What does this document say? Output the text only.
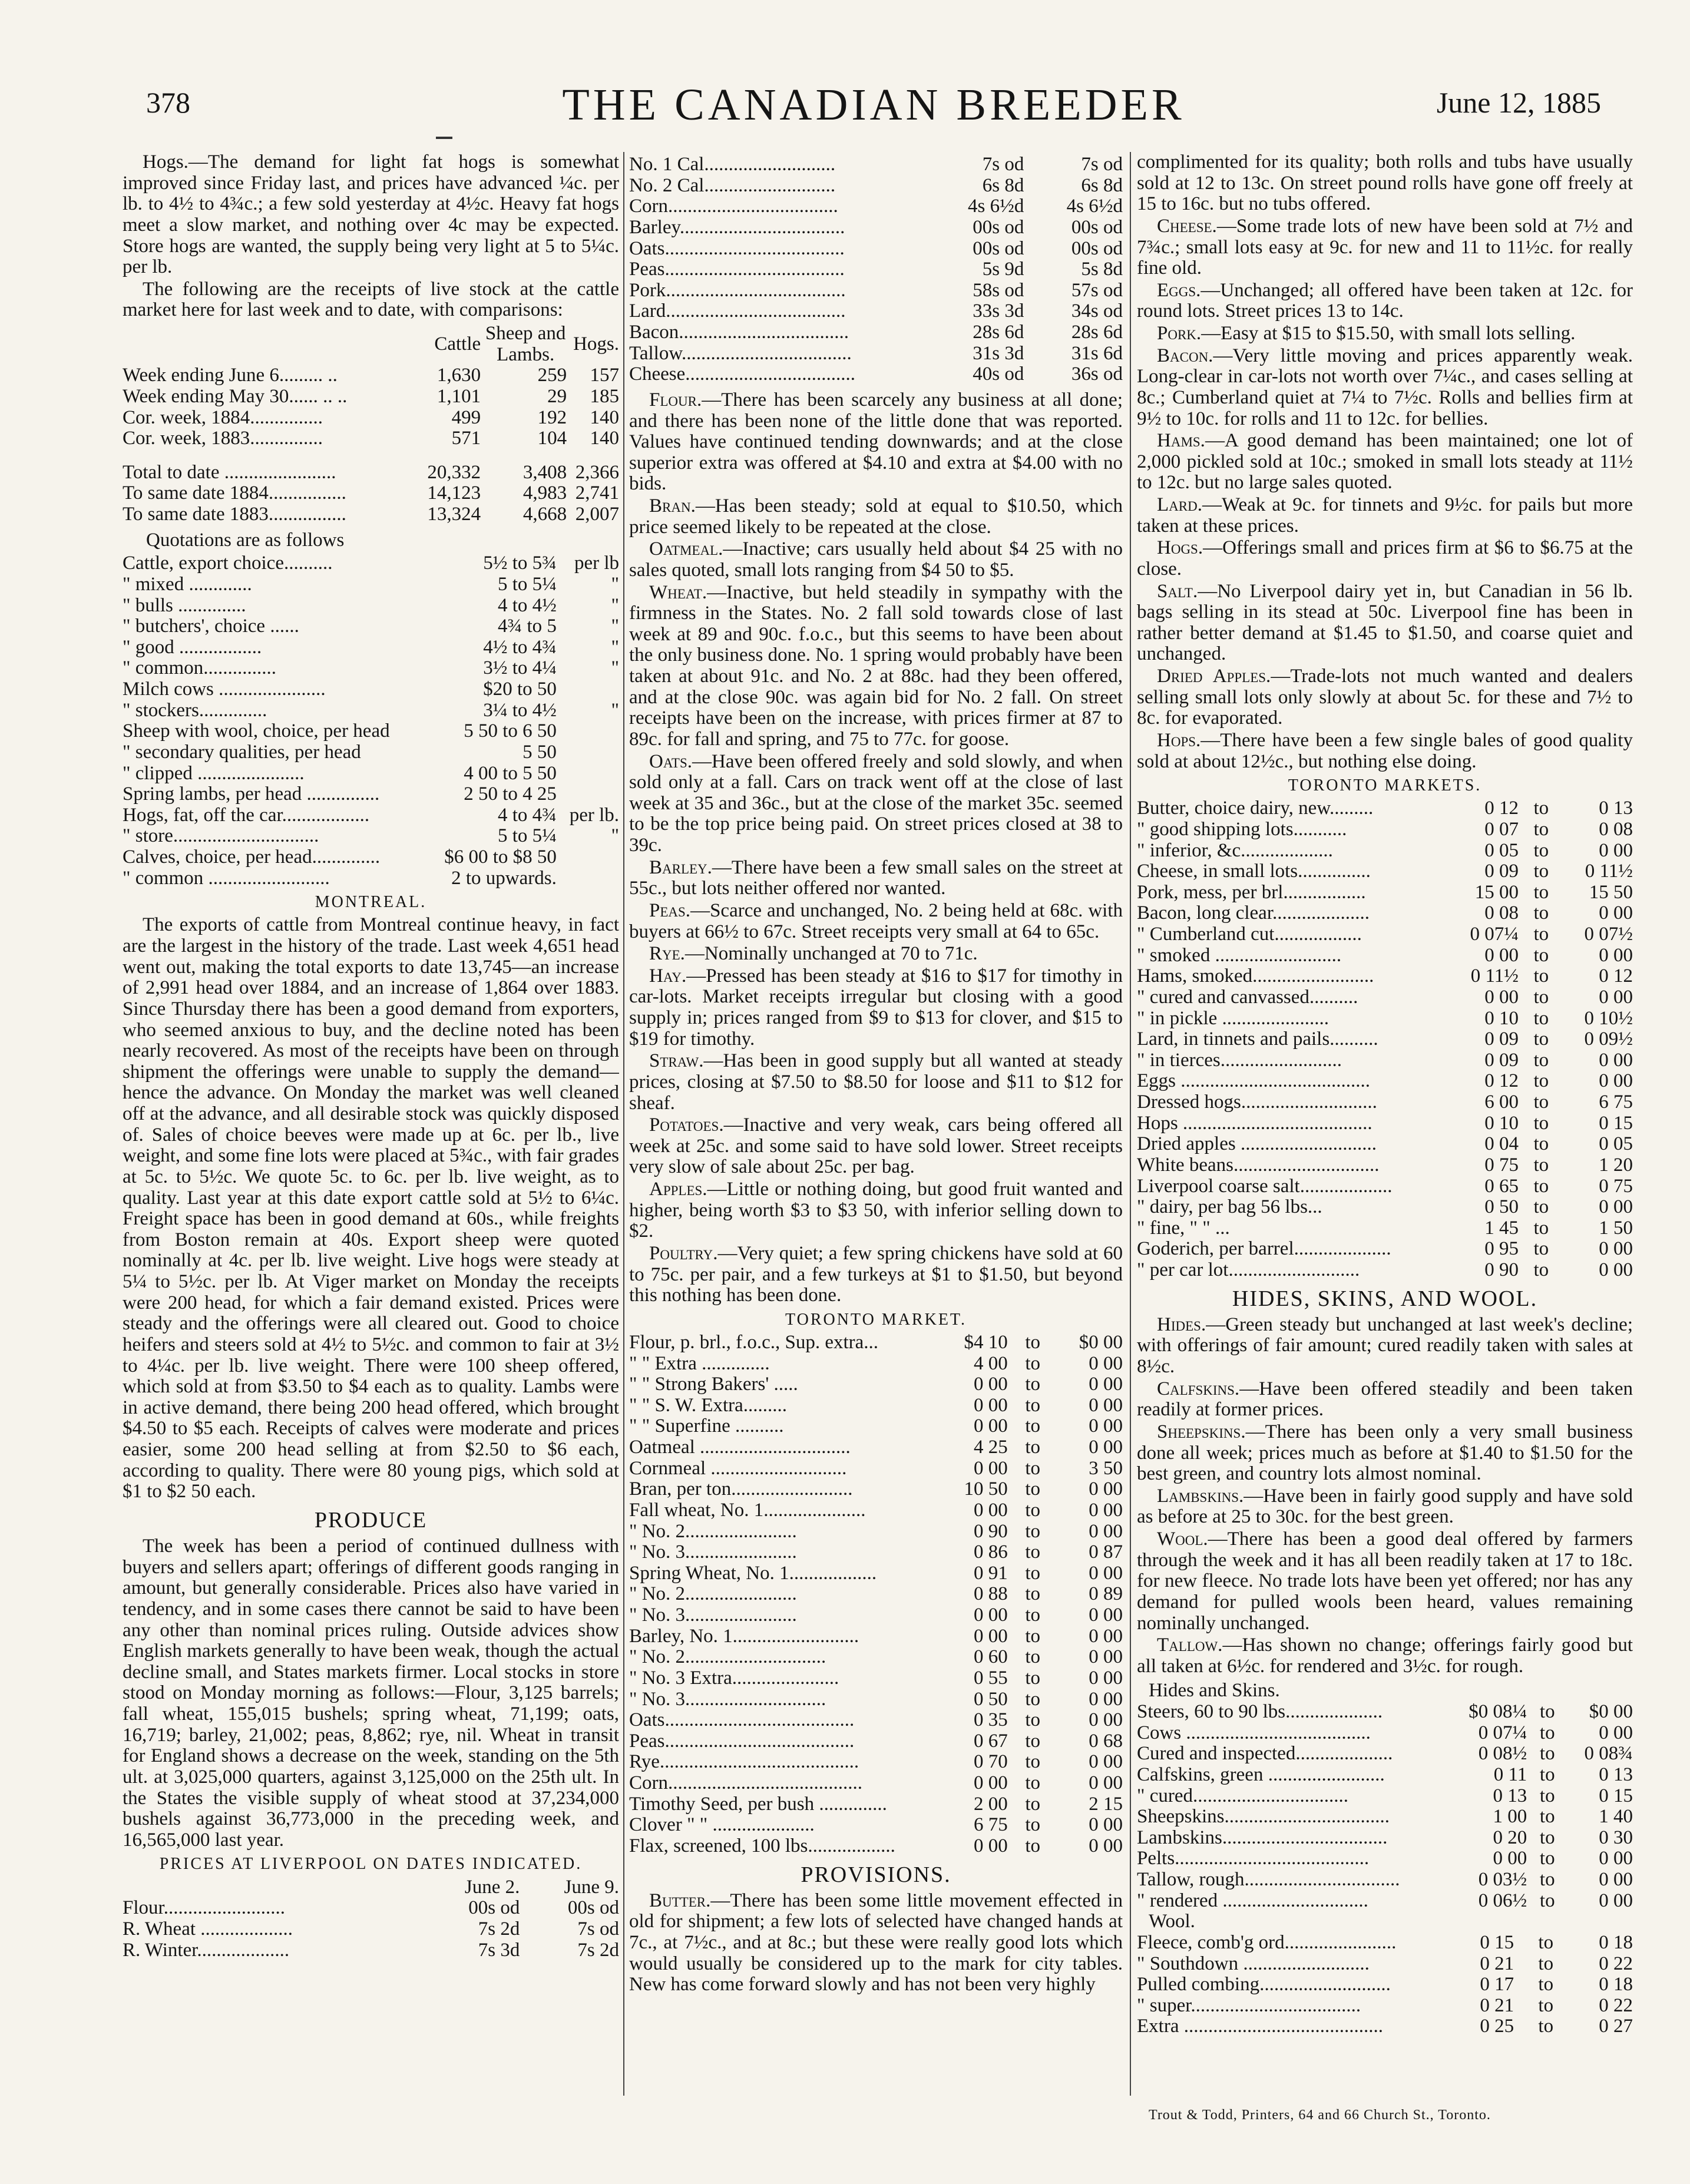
378	THE CANADIAN BREEDER	June 12, 1885

Hogs.—The demand for light fat hogs is somewhat improved since Friday last, and prices have advanced ¼c. per lb. to 4½ to 4¾c.; a few sold yesterday at 4½c. Heavy fat hogs meet a slow market, and nothing over 4c may be expected. Store hogs are wanted, the supply being very light at 5 to 5¼c. per lb.

The following are the receipts of live stock at the cattle market here for last week and to date, with comparisons:

	Cattle	Sheep and Lambs.	Hogs.
Week ending June 6......... ..	1,630	259	157
Week ending May 30...... .. ..	1,101	29	185
Cor. week, 1884...............	499	192	140
Cor. week, 1883...............	571	104	140

Total to date .......................	20,332	3,408	2,366
To same date 1884................	14,123	4,983	2,741
To same date 1883................	13,324	4,668	2,007
Quotations are as follows
Cattle, export choice..........	5½ to 5¾	per lb
" mixed .............	5 to 5¼	"
" bulls ..............	4 to 4½	"
" butchers', choice ......	4¾ to 5	"
" good .................	4½ to 4¾	"
" common...............	3½ to 4¼	"
Milch cows ......................	$20 to 50	
" stockers..............	3¼ to 4½	"
Sheep with wool, choice, per head	5 50 to 6 50	
" secondary qualities, per head	5 50	
" clipped ......................	4 00 to 5 50	
Spring lambs, per head ...............	2 50 to 4 25	
Hogs, fat, off the car..................	4 to 4¾	per lb.
" store..............................	5 to 5¼	"
Calves, choice, per head..............	$6 00 to $8 50	
" common .........................	2 to upwards.	
MONTREAL.

The exports of cattle from Montreal continue heavy, in fact are the largest in the history of the trade. Last week 4,651 head went out, making the total exports to date 13,745—an increase of 2,991 head over 1884, and an increase of 1,864 over 1883. Since Thursday there has been a good demand from exporters, who seemed anxious to buy, and the decline noted has been nearly recovered. As most of the receipts have been on through shipment the offerings were unable to supply the demand—hence the advance. On Monday the market was well cleaned off at the advance, and all desirable stock was quickly disposed of. Sales of choice beeves were made up at 6c. per lb., live weight, and some fine lots were placed at 5¾c., with fair grades at 5c. to 5½c. We quote 5c. to 6c. per lb. live weight, as to quality. Last year at this date export cattle sold at 5½ to 6¼c. Freight space has been in good demand at 60s., while freights from Boston remain at 40s. Export sheep were quoted nominally at 4c. per lb. live weight. Live hogs were steady at 5¼ to 5½c. per lb. At Viger market on Monday the receipts were 200 head, for which a fair demand existed. Prices were steady and the offerings were all cleared out. Good to choice heifers and steers sold at 4½ to 5½c. and common to fair at 3½ to 4¼c. per lb. live weight. There were 100 sheep offered, which sold at from $3.50 to $4 each as to quality. Lambs were in active demand, there being 200 head offered, which brought $4.50 to $5 each. Receipts of calves were moderate and prices easier, some 200 head selling at from $2.50 to $6 each, according to quality. There were 80 young pigs, which sold at $1 to $2 50 each.

PRODUCE

The week has been a period of continued dullness with buyers and sellers apart; offerings of different goods ranging in amount, but generally considerable. Prices also have varied in tendency, and in some cases there cannot be said to have been any other than nominal prices ruling. Outside advices show English markets generally to have been weak, though the actual decline small, and States markets firmer. Local stocks in store stood on Monday morning as follows:—Flour, 3,125 barrels; fall wheat, 155,015 bushels; spring wheat, 71,199; oats, 16,719; barley, 21,002; peas, 8,862; rye, nil. Wheat in transit for England shows a decrease on the week, standing on the 5th ult. at 3,025,000 quarters, against 3,125,000 on the 25th ult. In the States the visible supply of wheat stood at 37,234,000 bushels against 36,773,000 in the preceding week, and 16,565,000 last year.

PRICES AT LIVERPOOL ON DATES INDICATED.
	June 2.	June 9.
Flour.........................	00s od	00s od
R. Wheat ...................	7s 2d	7s od
R. Winter...................	7s 3d	7s 2d
No. 1 Cal...........................	7s od	7s od
No. 2 Cal...........................	6s 8d	6s 8d
Corn...................................	4s 6½d	4s 6½d
Barley..................................	00s od	00s od
Oats.....................................	00s od	00s od
Peas.....................................	5s 9d	5s 8d
Pork.....................................	58s od	57s od
Lard.....................................	33s 3d	34s od
Bacon...................................	28s 6d	28s 6d
Tallow...................................	31s 3d	31s 6d
Cheese...................................	40s od	36s od

Flour.—There has been scarcely any business at all done; and there has been none of the little done that was reported. Values have continued tending downwards; and at the close superior extra was offered at $4.10 and extra at $4.00 with no bids.

Bran.—Has been steady; sold at equal to $10.50, which price seemed likely to be repeated at the close.

Oatmeal.—Inactive; cars usually held about $4 25 with no sales quoted, small lots ranging from $4 50 to $5.

Wheat.—Inactive, but held steadily in sympathy with the firmness in the States. No. 2 fall sold towards close of last week at 89 and 90c. f.o.c., but this seems to have been about the only business done. No. 1 spring would probably have been taken at about 91c. and No. 2 at 88c. had they been offered, and at the close 90c. was again bid for No. 2 fall. On street receipts have been on the increase, with prices firmer at 87 to 89c. for fall and spring, and 75 to 77c. for goose.

Oats.—Have been offered freely and sold slowly, and when sold only at a fall. Cars on track went off at the close of last week at 35 and 36c., but at the close of the market 35c. seemed to be the top price being paid. On street prices closed at 38 to 39c.

Barley.—There have been a few small sales on the street at 55c., but lots neither offered nor wanted.

Peas.—Scarce and unchanged, No. 2 being held at 68c. with buyers at 66½ to 67c. Street receipts very small at 64 to 65c.

Rye.—Nominally unchanged at 70 to 71c.

Hay.—Pressed has been steady at $16 to $17 for timothy in car-lots. Market receipts irregular but closing with a good supply in; prices ranged from $9 to $13 for clover, and $15 to $19 for timothy.

Straw.—Has been in good supply but all wanted at steady prices, closing at $7.50 to $8.50 for loose and $11 to $12 for sheaf.

Potatoes.—Inactive and very weak, cars being offered all week at 25c. and some said to have sold lower. Street receipts very slow of sale about 25c. per bag.

Apples.—Little or nothing doing, but good fruit wanted and higher, being worth $3 to $3 50, with inferior selling down to $2.

Poultry.—Very quiet; a few spring chickens have sold at 60 to 75c. per pair, and a few turkeys at $1 to $1.50, but beyond this nothing has been done.

TORONTO MARKET.
Flour, p. brl., f.o.c., Sup. extra...	$4 10	to	$0 00
" " Extra ..............	4 00	to	0 00
" " Strong Bakers' .....	0 00	to	0 00
" " S. W. Extra.........	0 00	to	0 00
" " Superfine ..........	0 00	to	0 00
Oatmeal ...............................	4 25	to	0 00
Cornmeal ............................	0 00	to	3 50
Bran, per ton.........................	10 50	to	0 00
Fall wheat, No. 1.....................	0 00	to	0 00
" No. 2.......................	0 90	to	0 00
" No. 3.......................	0 86	to	0 87
Spring Wheat, No. 1..................	0 91	to	0 00
" No. 2.......................	0 88	to	0 89
" No. 3.......................	0 00	to	0 00
Barley, No. 1..........................	0 00	to	0 00
" No. 2.............................	0 60	to	0 00
" No. 3 Extra......................	0 55	to	0 00
" No. 3.............................	0 50	to	0 00
Oats.......................................	0 35	to	0 00
Peas.......................................	0 67	to	0 68
Rye.........................................	0 70	to	0 00
Corn........................................	0 00	to	0 00
Timothy Seed, per bush ..............	2 00	to	2 15
Clover " " .....................	6 75	to	0 00
Flax, screened, 100 lbs..................	0 00	to	0 00
PROVISIONS.

Butter.—There has been some little movement effected in old for shipment; a few lots of selected have changed hands at 7c., at 7½c., and at 8c.; but these were really good lots which would usually be considered up to the mark for city tables. New has come forward slowly and has not been very highly

complimented for its quality; both rolls and tubs have usually sold at 12 to 13c. On street pound rolls have gone off freely at 15 to 16c. but no tubs offered.

Cheese.—Some trade lots of new have been sold at 7½ and 7¾c.; small lots easy at 9c. for new and 11 to 11½c. for really fine old.

Eggs.—Unchanged; all offered have been taken at 12c. for round lots. Street prices 13 to 14c.

Pork.—Easy at $15 to $15.50, with small lots selling.

Bacon.—Very little moving and prices apparently weak. Long-clear in car-lots not worth over 7¼c., and cases selling at 8c.; Cumberland quiet at 7¼ to 7½c. Rolls and bellies firm at 9½ to 10c. for rolls and 11 to 12c. for bellies.

Hams.—A good demand has been maintained; one lot of 2,000 pickled sold at 10c.; smoked in small lots steady at 11½ to 12c. but no large sales quoted.

Lard.—Weak at 9c. for tinnets and 9½c. for pails but more taken at these prices.

Hogs.—Offerings small and prices firm at $6 to $6.75 at the close.

Salt.—No Liverpool dairy yet in, but Canadian in 56 lb. bags selling in its stead at 50c. Liverpool fine has been in rather better demand at $1.45 to $1.50, and coarse quiet and unchanged.

Dried Apples.—Trade-lots not much wanted and dealers selling small lots only slowly at about 5c. for these and 7½ to 8c. for evaporated.

Hops.—There have been a few single bales of good quality sold at about 12½c., but nothing else doing.

TORONTO MARKETS.
Butter, choice dairy, new.........	0 12	to	0 13
" good shipping lots...........	0 07	to	0 08
" inferior, &c...................	0 05	to	0 00
Cheese, in small lots...............	0 09	to	0 11½
Pork, mess, per brl.................	15 00	to	15 50
Bacon, long clear....................	0 08	to	0 00
" Cumberland cut..................	0 07¼	to	0 07½
" smoked ..........................	0 00	to	0 00
Hams, smoked.........................	0 11½	to	0 12
" cured and canvassed..........	0 00	to	0 00
" in pickle ......................	0 10	to	0 10½
Lard, in tinnets and pails..........	0 09	to	0 09½
" in tierces.........................	0 09	to	0 00
Eggs .......................................	0 12	to	0 00
Dressed hogs............................	6 00	to	6 75
Hops .......................................	0 10	to	0 15
Dried apples ............................	0 04	to	0 05
White beans..............................	0 75	to	1 20
Liverpool coarse salt...................	0 65	to	0 75
" dairy, per bag 56 lbs...	0 50	to	0 00
" fine, " " ...	1 45	to	1 50
Goderich, per barrel....................	0 95	to	0 00
" per car lot...........................	0 90	to	0 00
HIDES, SKINS, AND WOOL.

Hides.—Green steady but unchanged at last week's decline; with offerings of fair amount; cured readily taken with sales at 8½c.

Calfskins.—Have been offered steadily and been taken readily at former prices.

Sheepskins.—There has been only a very small business done all week; prices much as before at $1.40 to $1.50 for the best green, and country lots almost nominal.

Lambskins.—Have been in fairly good supply and have sold as before at 25 to 30c. for the best green.

Wool.—There has been a good deal offered by farmers through the week and it has all been readily taken at 17 to 18c. for new fleece. No trade lots have been yet offered; nor has any demand for pulled wools been heard, values remaining nominally unchanged.

Tallow.—Has shown no change; offerings fairly good but all taken at 6½c. for rendered and 3½c. for rough.

Hides and Skins.
Steers, 60 to 90 lbs....................	$0 08¼	to	$0 00
Cows ......................................	0 07¼	to	0 00
Cured and inspected....................	0 08½	to	0 08¾
Calfskins, green ........................	0 11	to	0 13
" cured................................	0 13	to	0 15
Sheepskins..................................	1 00	to	1 40
Lambskins..................................	0 20	to	0 30
Pelts........................................	0 00	to	0 00
Tallow, rough................................	0 03½	to	0 00
" rendered ..............................	0 06½	to	0 00
Wool.
Fleece, comb'g ord.......................	0 15	to	0 18
" Southdown ..........................	0 21	to	0 22
Pulled combing...........................	0 17	to	0 18
" super...................................	0 21	to	0 22
Extra .........................................	0 25	to	0 27
Trout & Todd, Printers, 64 and 66 Church St., Toronto.
